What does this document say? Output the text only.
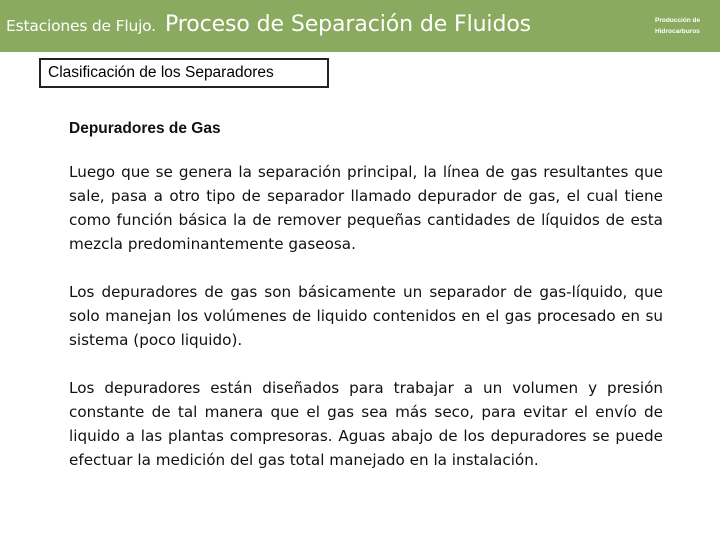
Estaciones de Flujo. Proceso de Separación de Fluidos	Producción de
Hidrocarburos
Clasificación de los Separadores
Depuradores de Gas

Luego que se genera la separación principal, la línea de gas resultantes que sale, pasa a otro tipo de separador llamado depurador de gas, el cual tiene como función básica la de remover pequeñas cantidades de líquidos de esta mezcla predominantemente gaseosa.

Los depuradores de gas son básicamente un separador de gas-líquido, que solo manejan los volúmenes de liquido contenidos en el gas procesado en su sistema (poco liquido).

Los depuradores están diseñados para trabajar a un volumen y presión constante de tal manera que el gas sea más seco, para evitar el envío de liquido a las plantas compresoras. Aguas abajo de los depuradores se puede efectuar la medición del gas total manejado en la instalación.
